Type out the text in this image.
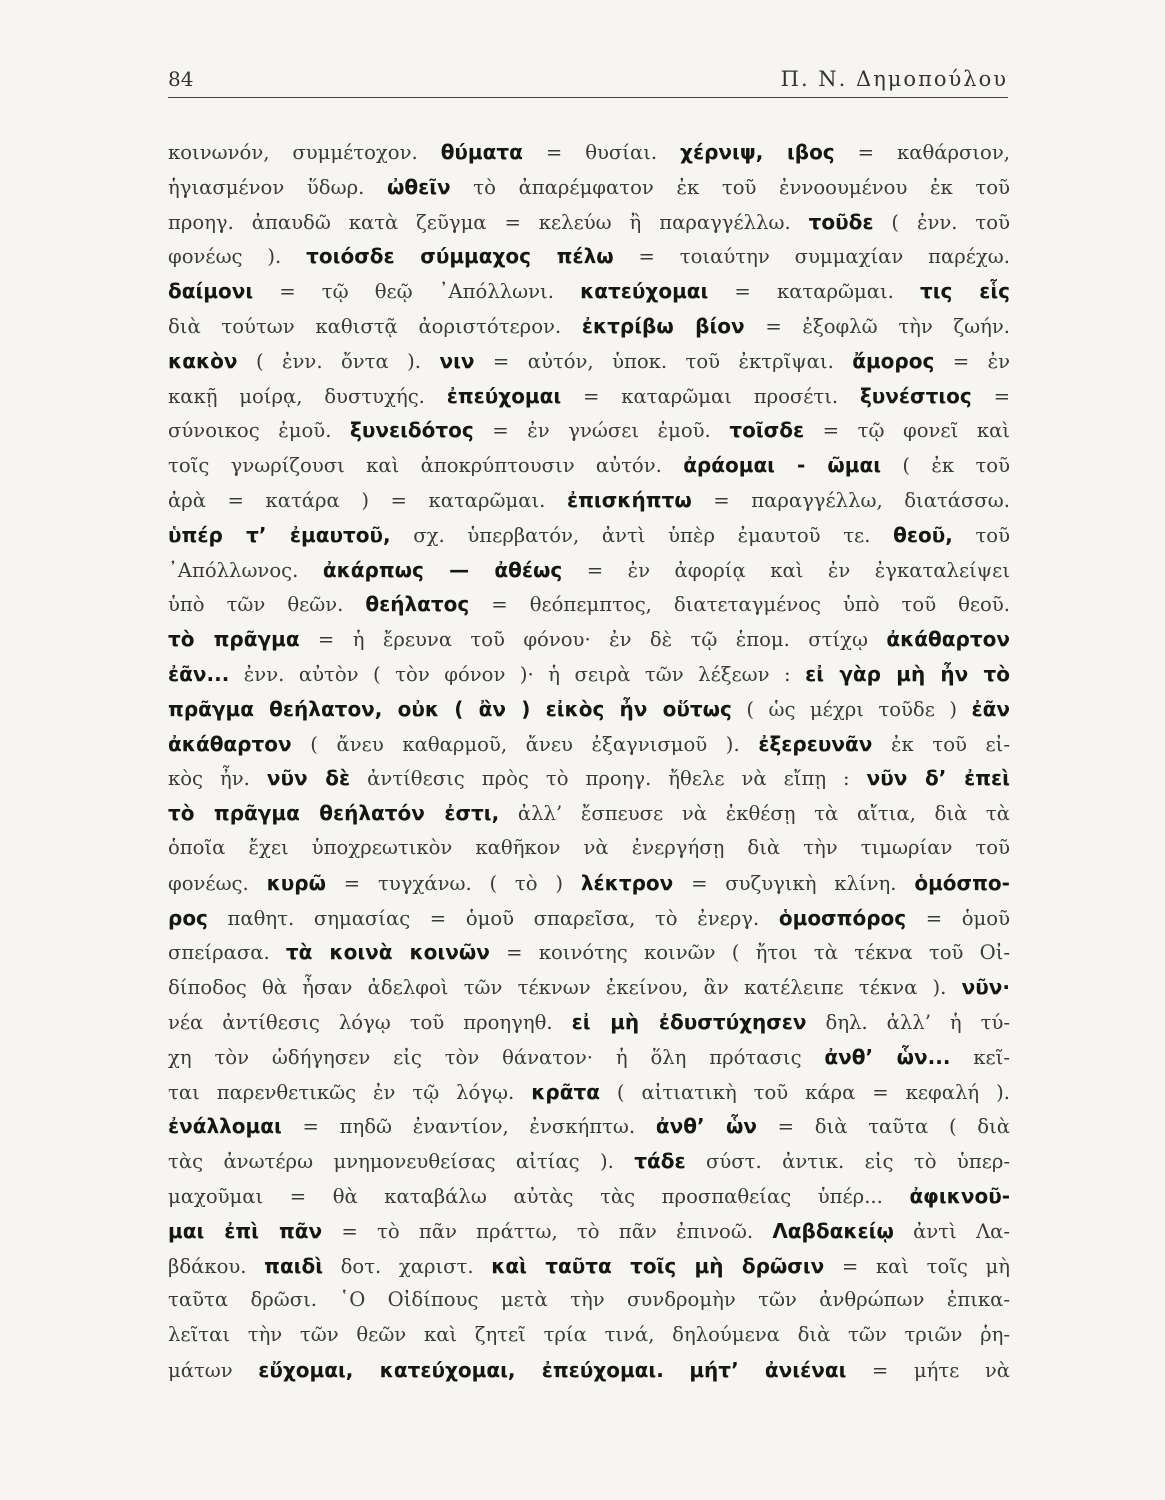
84	Π. Ν. Δημοπούλου
κοινωνόν, συμμέτοχον. θύματα = θυσίαι. χέρνιψ, ιβος = καθάρσιον,
ἡγιασμένον ὕδωρ. ὠθεῖν τὸ ἀπαρέμφατον ἐκ τοῦ ἐννοουμένου ἐκ τοῦ
προηγ. ἀπαυδῶ κατὰ ζεῦγμα = κελεύω ἢ παραγγέλλω. τοῦδε ( ἐνν. τοῦ
φονέως ). τοιόσδε σύμμαχος πέλω = τοιαύτην συμμαχίαν παρέχω.
δαίμονι = τῷ θεῷ ᾿Απόλλωνι. κατεύχομαι = καταρῶμαι. τις εἷς
διὰ τούτων καθιστᾷ ἀοριστότερον. ἐκτρίβω βίον = ἐξοφλῶ τὴν ζωήν.
κακὸν ( ἐνν. ὄντα ). νιν = αὐτόν, ὑποκ. τοῦ ἐκτρῖψαι. ἄμορος = ἐν
κακῇ μοίρᾳ, δυστυχής. ἐπεύχομαι = καταρῶμαι προσέτι. ξυνέστιος =
σύνοικος ἐμοῦ. ξυνειδότος = ἐν γνώσει ἐμοῦ. τοῖσδε = τῷ φονεῖ καὶ
τοῖς γνωρίζουσι καὶ ἀποκρύπτουσιν αὐτόν. ἀράομαι - ῶμαι ( ἐκ τοῦ
ἀρὰ = κατάρα ) = καταρῶμαι. ἐπισκήπτω = παραγγέλλω, διατάσσω.
ὑπέρ τ’ ἐμαυτοῦ, σχ. ὑπερβατόν, ἀντὶ ὑπὲρ ἐμαυτοῦ τε. θεοῦ, τοῦ
᾿Απόλλωνος. ἀκάρπως — ἀθέως = ἐν ἀφορίᾳ καὶ ἐν ἐγκαταλείψει
ὑπὸ τῶν θεῶν. θεήλατος = θεόπεμπτος, διατεταγμένος ὑπὸ τοῦ θεοῦ.
τὸ πρᾶγμα = ἡ ἔρευνα τοῦ φόνου· ἐν δὲ τῷ ἑπομ. στίχῳ ἀκάθαρτον
ἐᾶν... ἐνν. αὐτὸν ( τὸν φόνον )· ἡ σειρὰ τῶν λέξεων : εἰ γὰρ μὴ ἦν τὸ
πρᾶγμα θεήλατον, οὐκ ( ἂν ) εἰκὸς ἦν οὕτως ( ὡς μέχρι τοῦδε ) ἐᾶν
ἀκάθαρτον ( ἄνευ καθαρμοῦ, ἄνευ ἐξαγνισμοῦ ). ἐξερευνᾶν ἐκ τοῦ εἰ-
κὸς ἦν. νῦν δὲ ἀντίθεσις πρὸς τὸ προηγ. ἤθελε νὰ εἴπῃ : νῦν δ’ ἐπεὶ
τὸ πρᾶγμα θεήλατόν ἐστι, ἀλλ’ ἔσπευσε νὰ ἐκθέσῃ τὰ αἴτια, διὰ τὰ
ὁποῖα ἔχει ὑποχρεωτικὸν καθῆκον νὰ ἐνεργήσῃ διὰ τὴν τιμωρίαν τοῦ
φονέως. κυρῶ = τυγχάνω. ( τὸ ) λέκτρον = συζυγικὴ κλίνη. ὁμόσπο-
ρος παθητ. σημασίας = ὁμοῦ σπαρεῖσα, τὸ ἐνεργ. ὁμοσπόρος = ὁμοῦ
σπείρασα. τὰ κοινὰ κοινῶν = κοινότης κοινῶν ( ἤτοι τὰ τέκνα τοῦ Οἰ-
δίποδος θὰ ἦσαν ἀδελφοὶ τῶν τέκνων ἐκείνου, ἂν κατέλειπε τέκνα ). νῦν·
νέα ἀντίθεσις λόγῳ τοῦ προηγηθ. εἰ μὴ ἐδυστύχησεν δηλ. ἀλλ’ ἡ τύ-
χη τὸν ὡδήγησεν εἰς τὸν θάνατον· ἡ ὅλη πρότασις ἀνθ’ ὧν... κεῖ-
ται παρενθετικῶς ἐν τῷ λόγῳ. κρᾶτα ( αἰτιατικὴ τοῦ κάρα = κεφαλή ).
ἐνάλλομαι = πηδῶ ἐναντίον, ἐνσκήπτω. ἀνθ’ ὧν = διὰ ταῦτα ( διὰ
τὰς ἀνωτέρω μνημονευθείσας αἰτίας ). τάδε σύστ. ἀντικ. εἰς τὸ ὑπερ-
μαχοῦμαι = θὰ καταβάλω αὐτὰς τὰς προσπαθείας ὑπέρ... ἀφικνοῦ-
μαι ἐπὶ πᾶν = τὸ πᾶν πράττω, τὸ πᾶν ἐπινοῶ. Λαβδακείῳ ἀντὶ Λα-
βδάκου. παιδὶ δοτ. χαριστ. καὶ ταῦτα τοῖς μὴ δρῶσιν = καὶ τοῖς μὴ
ταῦτα δρῶσι. ῾Ο Οἰδίπους μετὰ τὴν συνδρομὴν τῶν ἀνθρώπων ἐπικα-
λεῖται τὴν τῶν θεῶν καὶ ζητεῖ τρία τινά, δηλούμενα διὰ τῶν τριῶν ῥη-
μάτων εὔχομαι, κατεύχομαι, ἐπεύχομαι. μήτ’ ἀνιέναι = μήτε νὰ
